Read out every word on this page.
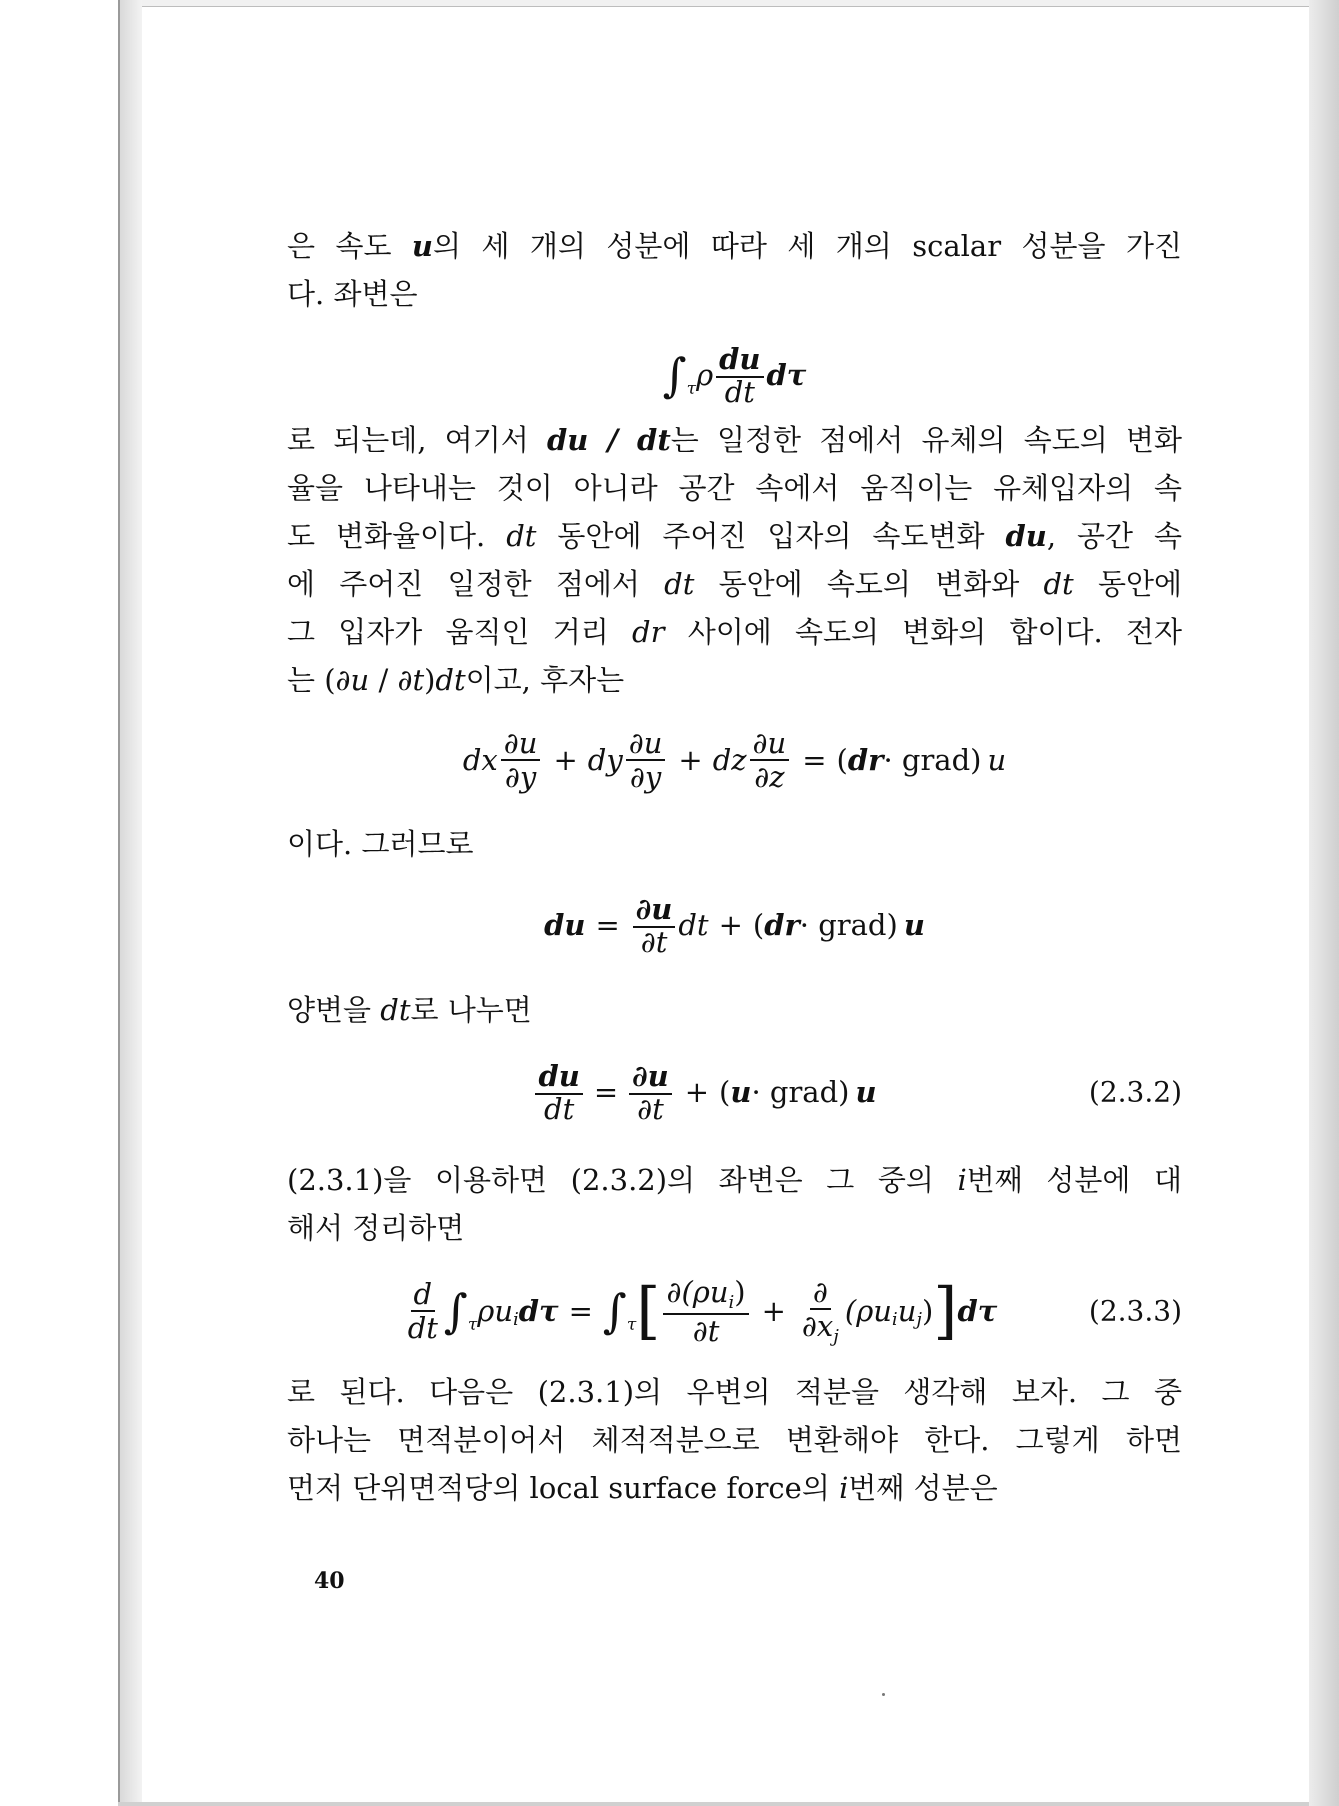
은 속도 u의 세 개의 성분에 따라 세 개의 scalar 성분을 가진

다. 좌변은

∫ τ ρ du
dt dτ

로 되는데, 여기서 du / dt는 일정한 점에서 유체의 속도의 변화

율을 나타내는 것이 아니라 공간 속에서 움직이는 유체입자의 속

도 변화율이다. dt 동안에 주어진 입자의 속도변화 du, 공간 속

에 주어진 일정한 점에서 dt 동안에 속도의 변화와 dt 동안에

그 입자가 움직인 거리 dr 사이에 속도의 변화의 합이다. 전자

는 (∂u / ∂t)dt이고, 후자는

dx $\frac{\partial u}{\partial y}$ + dy $\frac{\partial u}{\partial y}$ + dz $\frac{\partial u}{\partial z}$ = ( dr · grad) u

이다. 그러므로

du = ∂u
∂t dt + ( dr · grad) u

양변을 dt로 나누면

du
dt = ∂u
∂t + ( u · grad) u	(2.3.2)

(2.3.1)을 이용하면 (2.3.2)의 좌변은 그 중의 i번째 성분에 대

해서 정리하면

$\frac{d}{dt}$ ∫ τ ρu i dτ = ∫ τ [ $\frac{\partial(\rho u_i)}{\partial t} + \frac{\partial}{\partial x_j} (\rho u$ i u j ) ] dτ	(2.3.3)

로 된다. 다음은 (2.3.1)의 우변의 적분을 생각해 보자. 그 중

하나는 면적분이어서 체적적분으로 변환해야 한다. 그렇게 하면

먼저 단위면적당의 local surface force의 i번째 성분은

40
